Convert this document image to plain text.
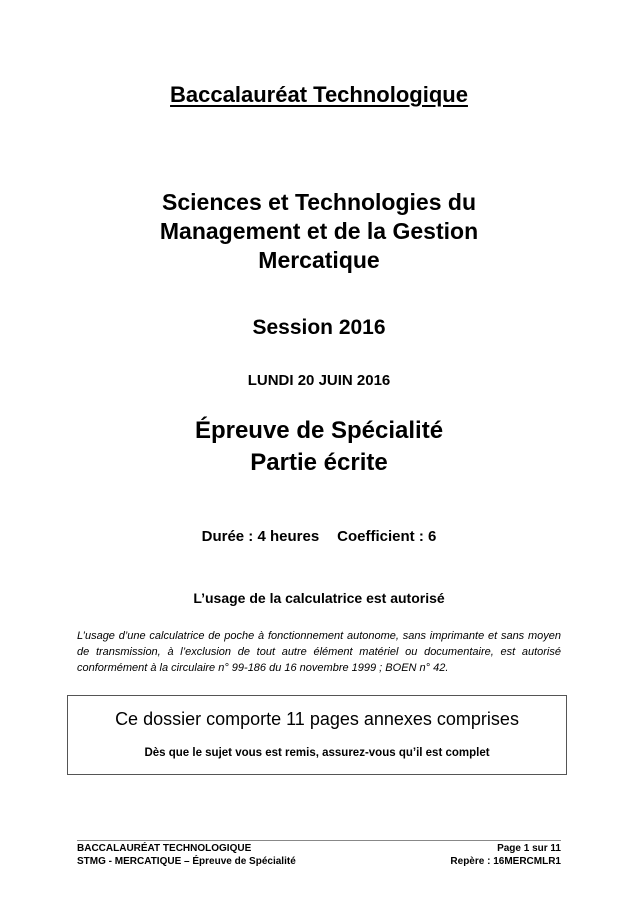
Baccalauréat Technologique
Sciences et Technologies du
Management et de la Gestion
Mercatique
Session 2016
LUNDI 20 JUIN 2016
Épreuve de Spécialité
Partie écrite
Durée : 4 heures Coefficient : 6
L’usage de la calculatrice est autorisé
L’usage d’une calculatrice de poche à fonctionnement autonome, sans imprimante et sans moyen de transmission, à l’exclusion de tout autre élément matériel ou documentaire, est autorisé conformément à la circulaire n° 99-186 du 16 novembre 1999 ; BOEN n° 42.
Ce dossier comporte 11 pages annexes comprises
Dès que le sujet vous est remis, assurez-vous qu’il est complet
BACCALAURÉAT TECHNOLOGIQUE
STMG - MERCATIQUE – Épreuve de Spécialité
Page 1 sur 11
Repère : 16MERCMLR1
